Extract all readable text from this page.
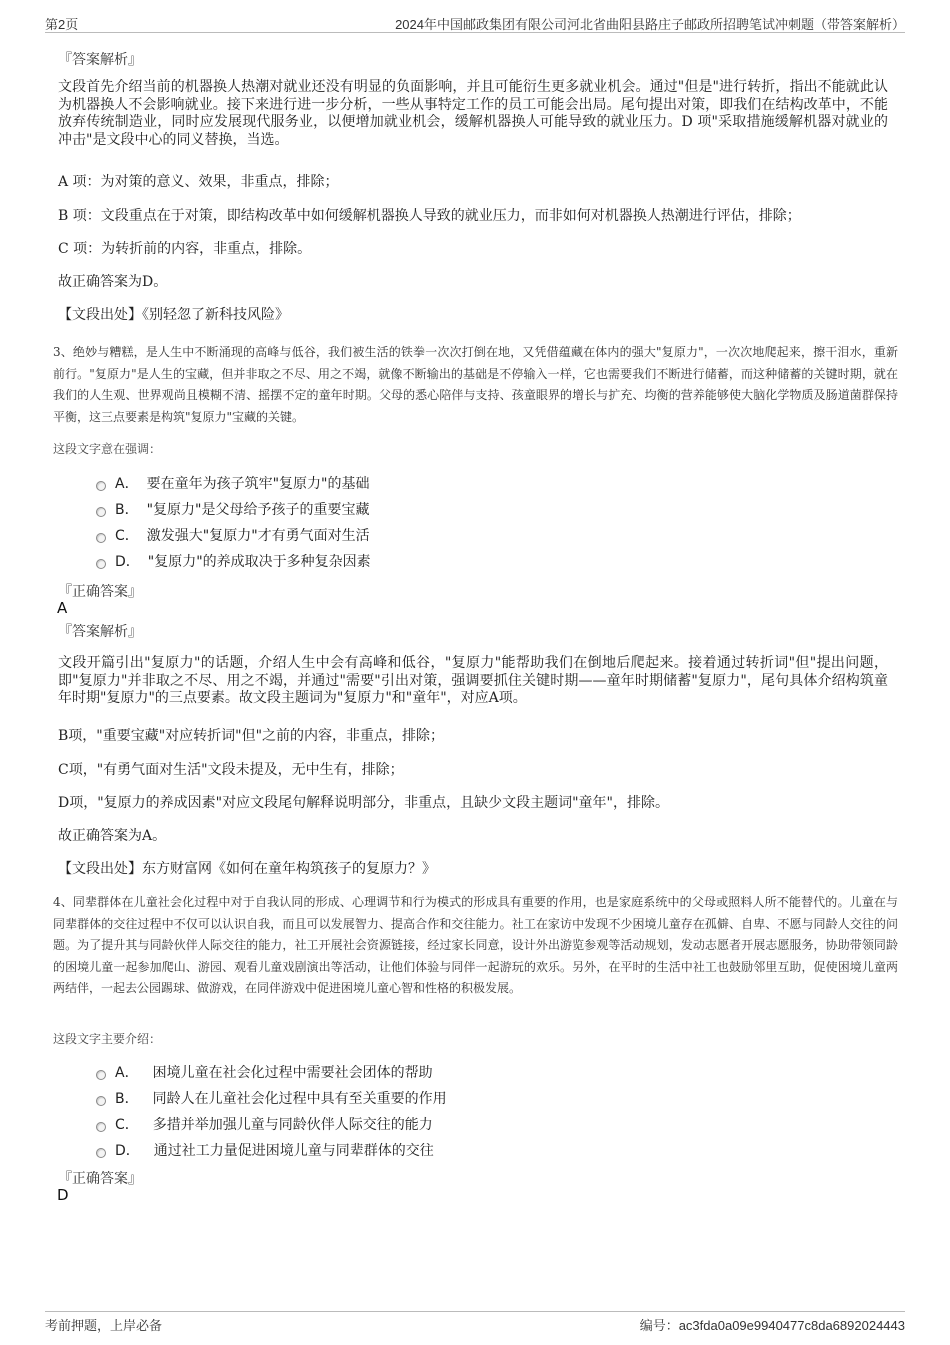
第2页	2024年中国邮政集团有限公司河北省曲阳县路庄子邮政所招聘笔试冲刺题（带答案解析）
『答案解析』
文段首先介绍当前的机器换人热潮对就业还没有明显的负面影响，并且可能衍生更多就业机会。通过"但是"进行转折，指出不能就此认为机器换人不会影响就业。接下来进行进一步分析，一些从事特定工作的员工可能会出局。尾句提出对策，即我们在结构改革中，不能放弃传统制造业，同时应发展现代服务业，以便增加就业机会，缓解机器换人可能导致的就业压力。D 项"采取措施缓解机器对就业的冲击"是文段中心的同义替换，当选。
A 项：为对策的意义、效果，非重点，排除；
B 项：文段重点在于对策，即结构改革中如何缓解机器换人导致的就业压力，而非如何对机器换人热潮进行评估，排除；
C 项：为转折前的内容，非重点，排除。
故正确答案为D。
【文段出处】《别轻忽了新科技风险》
3、绝妙与糟糕，是人生中不断涌现的高峰与低谷，我们被生活的铁拳一次次打倒在地，又凭借蕴藏在体内的强大"复原力"，一次次地爬起来，擦干泪水，重新前行。"复原力"是人生的宝藏，但并非取之不尽、用之不竭，就像不断输出的基础是不停输入一样，它也需要我们不断进行储蓄，而这种储蓄的关键时期，就在我们的人生观、世界观尚且模糊不清、摇摆不定的童年时期。父母的悉心陪伴与支持、孩童眼界的增长与扩充、均衡的营养能够使大脑化学物质及肠道菌群保持平衡，这三点要素是构筑"复原力"宝藏的关键。
这段文字意在强调：
A． 要在童年为孩子筑牢"复原力"的基础
B． "复原力"是父母给予孩子的重要宝藏
C． 激发强大"复原力"才有勇气面对生活
D． "复原力"的养成取决于多种复杂因素
『正确答案』
A
『答案解析』
文段开篇引出"复原力"的话题，介绍人生中会有高峰和低谷，"复原力"能帮助我们在倒地后爬起来。接着通过转折词"但"提出问题，即"复原力"并非取之不尽、用之不竭，并通过"需要"引出对策，强调要抓住关键时期——童年时期储蓄"复原力"，尾句具体介绍构筑童年时期"复原力"的三点要素。故文段主题词为"复原力"和"童年"，对应A项。
B项，"重要宝藏"对应转折词"但"之前的内容，非重点，排除；
C项，"有勇气面对生活"文段未提及，无中生有，排除；
D项，"复原力的养成因素"对应文段尾句解释说明部分，非重点，且缺少文段主题词"童年"，排除。
故正确答案为A。
【文段出处】东方财富网《如何在童年构筑孩子的复原力？》
4、同辈群体在儿童社会化过程中对于自我认同的形成、心理调节和行为模式的形成具有重要的作用，也是家庭系统中的父母或照料人所不能替代的。儿童在与同辈群体的交往过程中不仅可以认识自我，而且可以发展智力、提高合作和交往能力。社工在家访中发现不少困境儿童存在孤僻、自卑、不愿与同龄人交往的问题。为了提升其与同龄伙伴人际交往的能力，社工开展社会资源链接，经过家长同意，设计外出游览参观等活动规划，发动志愿者开展志愿服务，协助带领同龄的困境儿童一起参加爬山、游园、观看儿童戏剧演出等活动，让他们体验与同伴一起游玩的欢乐。另外，在平时的生活中社工也鼓励邻里互助，促使困境儿童两两结伴，一起去公园踢球、做游戏，在同伴游戏中促进困境儿童心智和性格的积极发展。
这段文字主要介绍：
A． 困境儿童在社会化过程中需要社会团体的帮助
B． 同龄人在儿童社会化过程中具有至关重要的作用
C． 多措并举加强儿童与同龄伙伴人际交往的能力
D． 通过社工力量促进困境儿童与同辈群体的交往
『正确答案』
D
考前押题，上岸必备	编号：ac3fda0a09e9940477c8da6892024443
